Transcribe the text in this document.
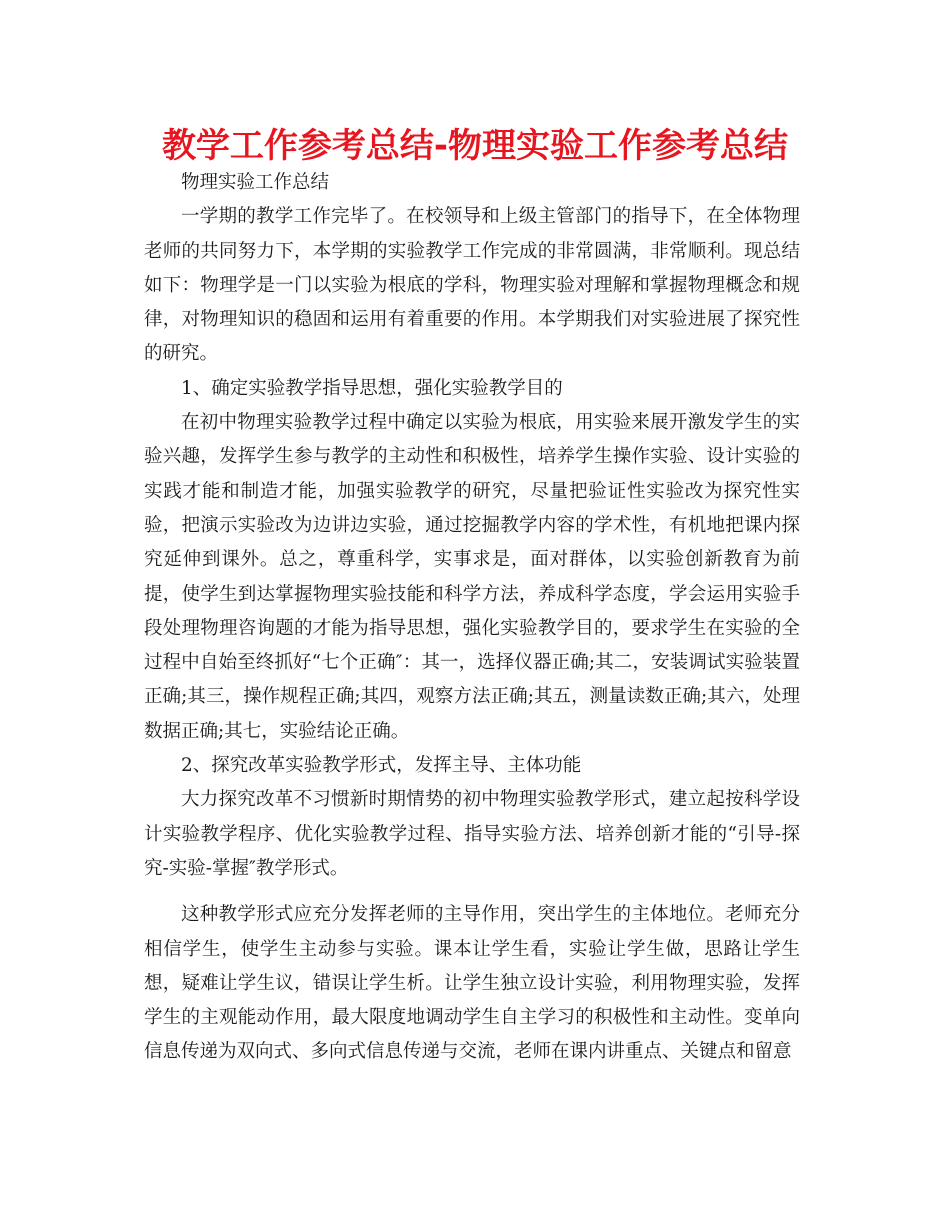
教学工作参考总结-物理实验工作参考总结

物理实验工作总结

一学期的教学工作完毕了。在校领导和上级主管部门的指导下，在全体物理老师的共同努力下，本学期的实验教学工作完成的非常圆满，非常顺利。现总结如下：物理学是一门以实验为根底的学科，物理实验对理解和掌握物理概念和规律，对物理知识的稳固和运用有着重要的作用。本学期我们对实验进展了探究性的研究。

1、确定实验教学指导思想，强化实验教学目的

在初中物理实验教学过程中确定以实验为根底，用实验来展开激发学生的实验兴趣，发挥学生参与教学的主动性和积极性，培养学生操作实验、设计实验的实践才能和制造才能，加强实验教学的研究，尽量把验证性实验改为探究性实验，把演示实验改为边讲边实验，通过挖掘教学内容的学术性，有机地把课内探究延伸到课外。总之，尊重科学，实事求是，面对群体，以实验创新教育为前提，使学生到达掌握物理实验技能和科学方法，养成科学态度，学会运用实验手段处理物理咨询题的才能为指导思想，强化实验教学目的，要求学生在实验的全过程中自始至终抓好“七个正确″：其一，选择仪器正确;其二，安装调试实验装置正确;其三，操作规程正确;其四，观察方法正确;其五，测量读数正确;其六，处理数据正确;其七，实验结论正确。

2、探究改革实验教学形式，发挥主导、主体功能

大力探究改革不习惯新时期情势的初中物理实验教学形式，建立起按科学设计实验教学程序、优化实验教学过程、指导实验方法、培养创新才能的“引导-探究-实验-掌握″教学形式。

这种教学形式应充分发挥老师的主导作用，突出学生的主体地位。老师充分相信学生，使学生主动参与实验。课本让学生看，实验让学生做，思路让学生想，疑难让学生议，错误让学生析。让学生独立设计实验，利用物理实验，发挥学生的主观能动作用，最大限度地调动学生自主学习的积极性和主动性。变单向信息传递为双向式、多向式信息传递与交流，老师在课内讲重点、关键点和留意
